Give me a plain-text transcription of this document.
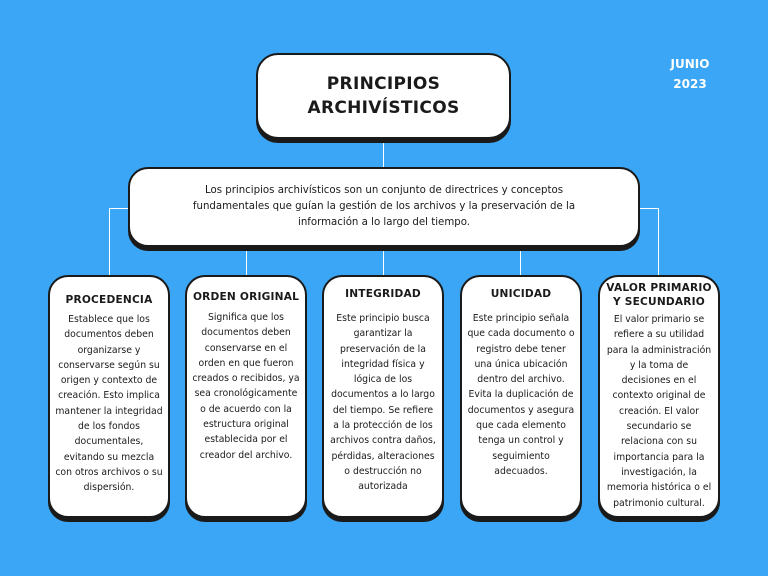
PRINCIPIOS
ARCHIVÍSTICOS
JUNIO
2023
Los principios archivísticos son un conjunto de directrices y conceptos fundamentales que guían la gestión de los archivos y la preservación de la información a lo largo del tiempo.
PROCEDENCIA
Establece que los documentos deben organizarse y conservarse según su origen y contexto de creación. Esto implica mantener la integridad de los fondos documentales, evitando su mezcla con otros archivos o su dispersión.
ORDEN ORIGINAL
Significa que los documentos deben conservarse en el orden en que fueron creados o recibidos, ya sea cronológicamente o de acuerdo con la estructura original establecida por el creador del archivo.
INTEGRIDAD
Este principio busca garantizar la preservación de la integridad física y lógica de los documentos a lo largo del tiempo. Se refiere a la protección de los archivos contra daños, pérdidas, alteraciones o destrucción no autorizada
UNICIDAD
Este principio señala que cada documento o registro debe tener una única ubicación dentro del archivo. Evita la duplicación de documentos y asegura que cada elemento tenga un control y seguimiento adecuados.
VALOR PRIMARIO
Y SECUNDARIO
El valor primario se refiere a su utilidad para la administración y la toma de decisiones en el contexto original de creación. El valor secundario se relaciona con su importancia para la investigación, la memoria histórica o el patrimonio cultural.
